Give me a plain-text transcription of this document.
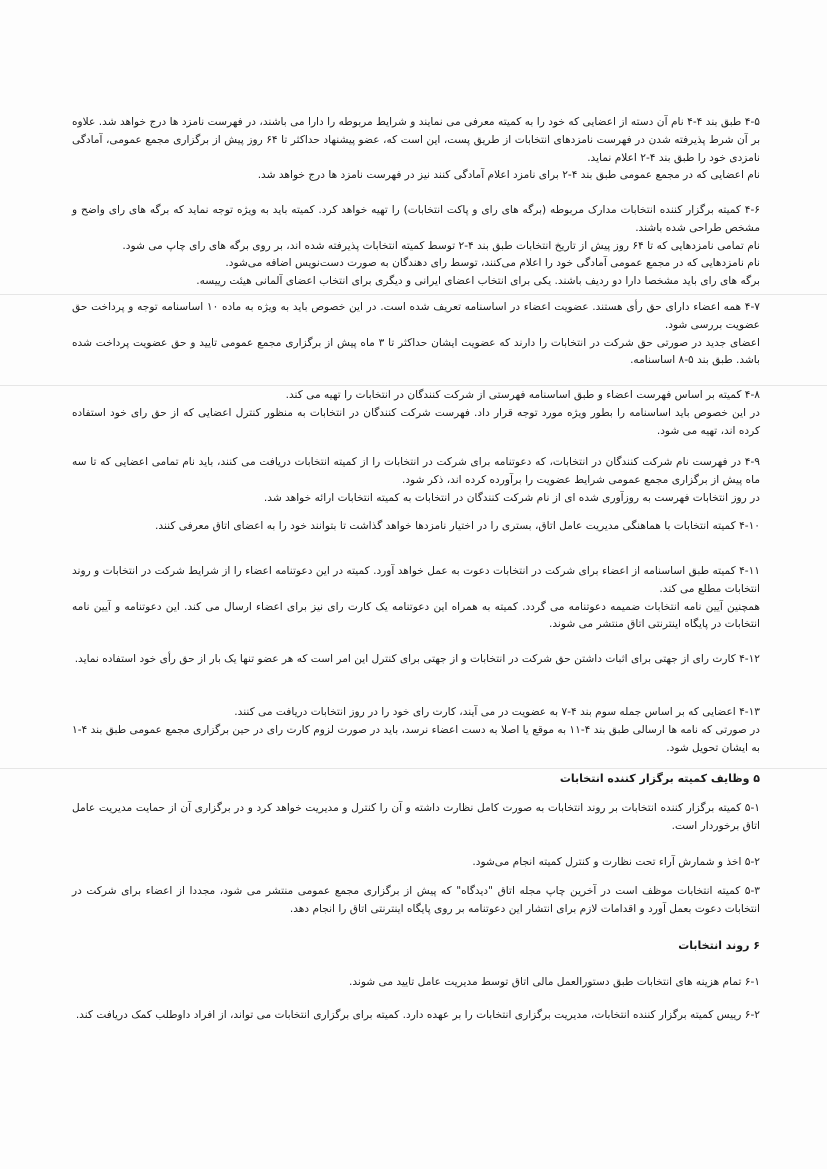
۴-۵ طبق بند ۴-۴ نام آن دسته از اعضایی که خود را به کمیته معرفی می نمایند و شرایط مربوطه را دارا می باشند، در فهرست نامزد ها درج خواهد شد. علاوه بر آن شرط پذیرفته شدن در فهرست نامزدهای انتخابات از طریق پست، این است که، عضو پیشنهاد حداکثر تا ۶۴ روز پیش از برگزاری مجمع عمومی، آمادگی نامزدی خود را طبق بند ۴-۲ اعلام نماید.

نام اعضایی که در مجمع عمومی طبق بند ۴-۲ برای نامزد اعلام آمادگی کنند نیز در فهرست نامزد ها درج خواهد شد.

۴-۶ کمیته برگزار کننده انتخابات مدارک مربوطه (برگه های رای و پاکت انتخابات) را تهیه خواهد کرد. کمیته باید به ویژه توجه نماید که برگه های رای واضح و مشخص طراحی شده باشند.

نام تمامی نامزدهایی که تا ۶۴ روز پیش از تاریخ انتخابات طبق بند ۴-۲ توسط کمیته انتخابات پذیرفته شده اند، بر روی برگه های رای چاپ می شود.

نام نامزدهایی که در مجمع عمومی آمادگی خود را اعلام می‌کنند، توسط رای دهندگان به صورت دست‌نویس اضافه می‌شود.

برگه های رای باید مشخصا دارا دو ردیف باشند. یکی برای انتخاب اعضای ایرانی و دیگری برای انتخاب اعضای آلمانی هیئت رییسه.

۴-۷ همه اعضاء دارای حق رأی هستند. عضویت اعضاء در اساسنامه تعریف شده است. در این خصوص باید به ویژه به ماده ۱۰ اساسنامه توجه و پرداخت حق عضویت بررسی شود.

اعضای جدید در صورتی حق شرکت در انتخابات را دارند که عضویت ایشان حداکثر تا ۳ ماه پیش از برگزاری مجمع عمومی تایید و حق عضویت پرداخت شده باشد. طبق بند ۵-۸ اساسنامه.

۴-۸ کمیته بر اساس فهرست اعضاء و طبق اساسنامه فهرستی از شرکت کنندگان در انتخابات را تهیه می کند.

در این خصوص باید اساسنامه را بطور ویژه مورد توجه قرار داد. فهرست شرکت کنندگان در انتخابات به منظور کنترل اعضایی که از حق رای خود استفاده کرده اند، تهیه می شود.

۴-۹ در فهرست نام شرکت کنندگان در انتخابات، که دعوتنامه برای شرکت در انتخابات را از کمیته انتخابات دریافت می کنند، باید نام تمامی اعضایی که تا سه ماه پیش از برگزاری مجمع عمومی شرایط عضویت را برآورده کرده اند، ذکر شود.

در روز انتخابات فهرست به روزآوری شده ای از نام شرکت کنندگان در انتخابات به کمیته انتخابات ارائه خواهد شد.

۴-۱۰ کمیته انتخابات با هماهنگی مدیریت عامل اتاق، بستری را در اختیار نامزدها خواهد گذاشت تا بتوانند خود را به اعضای اتاق معرفی کنند.

۴-۱۱ کمیته طبق اساسنامه از اعضاء برای شرکت در انتخابات دعوت به عمل خواهد آورد. کمیته در این دعوتنامه اعضاء را از شرایط شرکت در انتخابات و روند انتخابات مطلع می کند.

همچنین آیین نامه انتخابات ضمیمه دعوتنامه می گردد. کمیته به همراه این دعوتنامه یک کارت رای نیز برای اعضاء ارسال می کند. این دعوتنامه و آیین نامه انتخابات در پایگاه اینترنتی اتاق منتشر می شوند.

۴-۱۲ کارت رای از جهتی برای اثبات داشتن حق شرکت در انتخابات و از جهتی برای کنترل این امر است که هر عضو تنها یک بار از حق رأی خود استفاده نماید.

۴-۱۳ اعضایی که بر اساس جمله سوم بند ۴-۷ به عضویت در می آیند، کارت رای خود را در روز انتخابات دریافت می کنند.

در صورتی که نامه ها ارسالی طبق بند ۴-۱۱ به موقع یا اصلا به دست اعضاء نرسد، باید در صورت لزوم کارت رای در حین برگزاری مجمع عمومی طبق بند ۴-۱ به ایشان تحویل شود.

۵ وظایف کمیته برگزار کننده انتخابات

۵-۱ کمیته برگزار کننده انتخابات بر روند انتخابات به صورت کامل نظارت داشته و آن را کنترل و مدیریت خواهد کرد و در برگزاری آن از حمایت مدیریت عامل اتاق برخوردار است.

۵-۲ اخذ و شمارش آراء تحت نظارت و کنترل کمیته انجام می‌شود.

۵-۳ کمیته انتخابات موظف است در آخرین چاپ مجله اتاق "دیدگاه" که پیش از برگزاری مجمع عمومی منتشر می شود، مجددا از اعضاء برای شرکت در انتخابات دعوت بعمل آورد و اقدامات لازم برای انتشار این دعوتنامه بر روی پایگاه اینترنتی اتاق را انجام دهد.

۶ روند انتخابات

۶-۱ تمام هزینه های انتخابات طبق دستورالعمل مالی اتاق توسط مدیریت عامل تایید می شوند.

۶-۲ رییس کمیته برگزار کننده انتخابات، مدیریت برگزاری انتخابات را بر عهده دارد. کمیته برای برگزاری انتخابات می تواند، از افراد داوطلب کمک دریافت کند.
